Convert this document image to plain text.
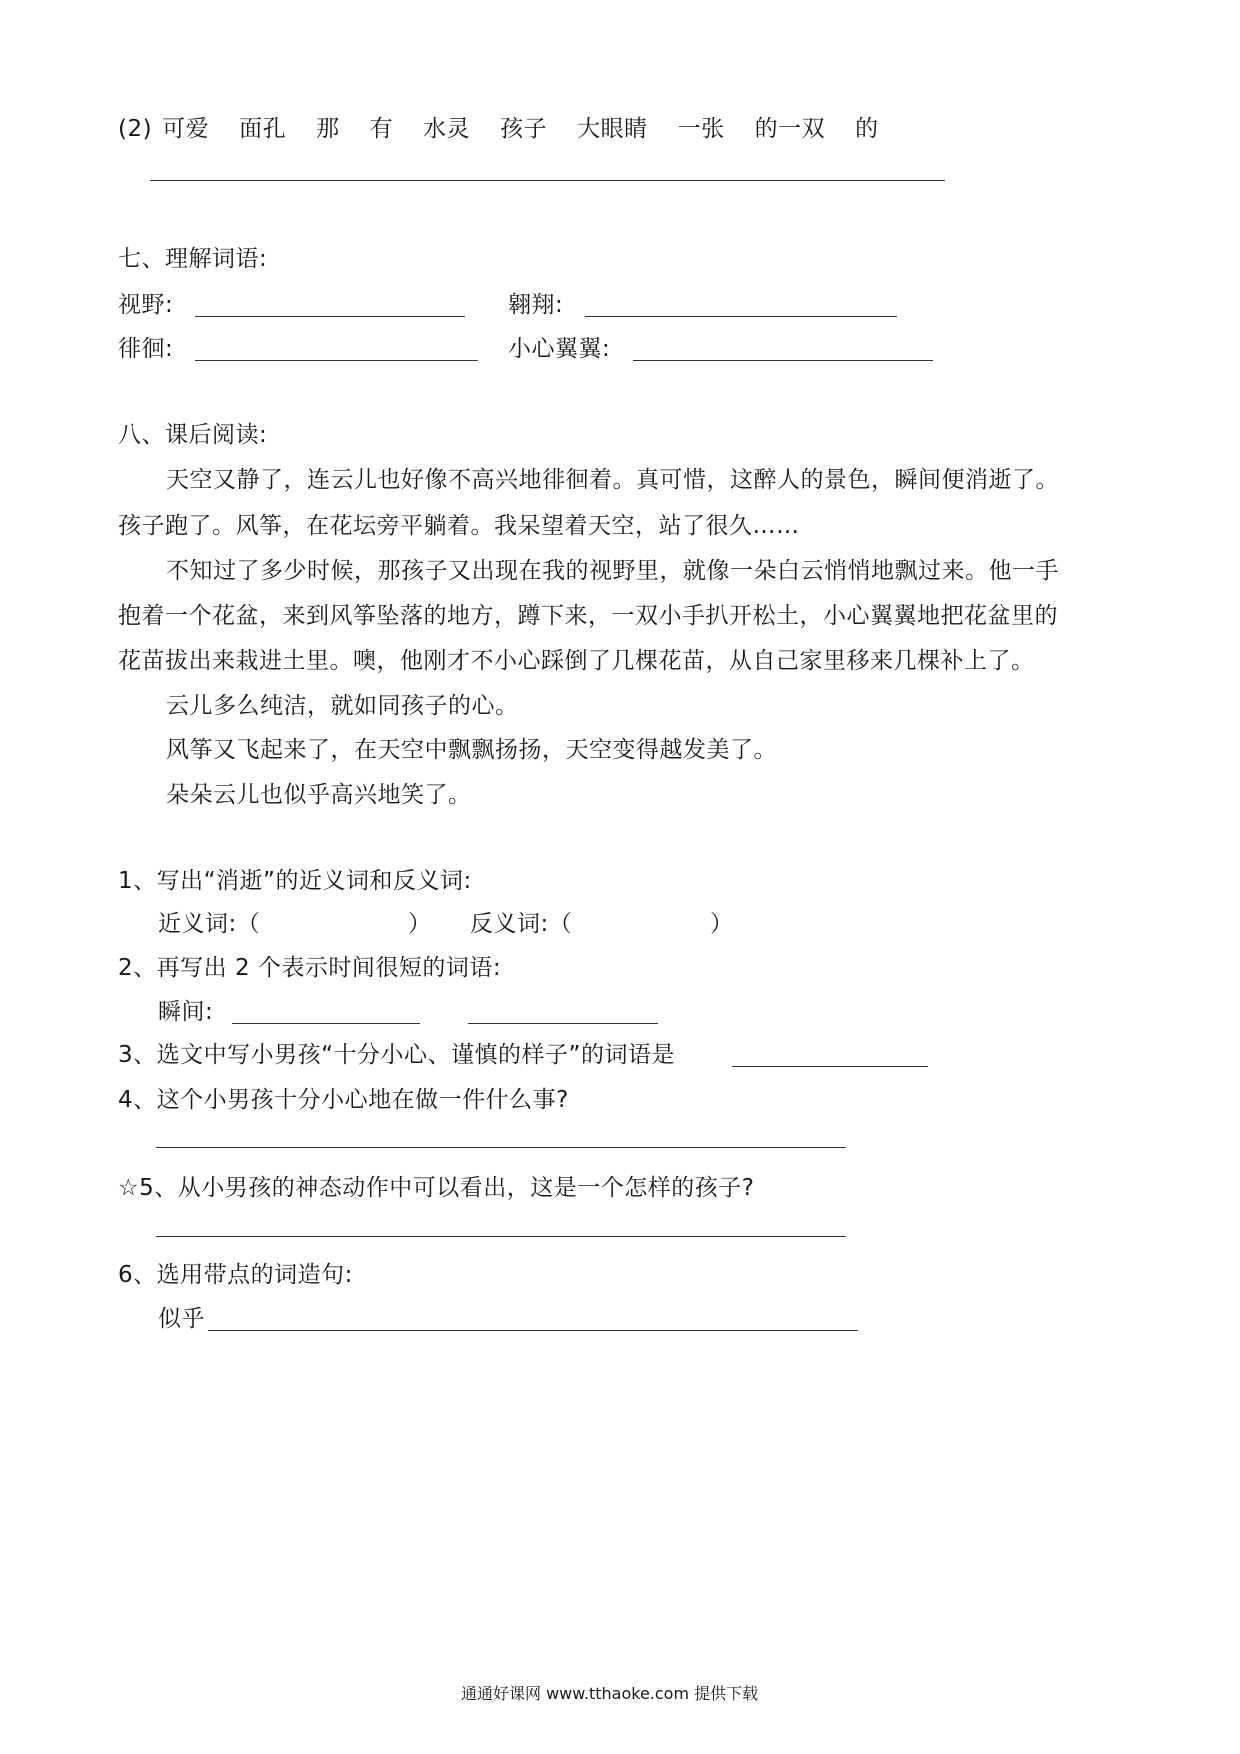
(2) 可爱 面孔 那 有 水灵 孩子 大眼睛 一张 的一双 的
七、理解词语:
视野:	翱翔:
徘徊:	小心翼翼:
八、课后阅读:
天空又静了，连云儿也好像不高兴地徘徊着。真可惜，这醉人的景色，瞬间便消逝了。
孩子跑了。风筝，在花坛旁平躺着。我呆望着天空，站了很久……
不知过了多少时候，那孩子又出现在我的视野里，就像一朵白云悄悄地飘过来。他一手
抱着一个花盆，来到风筝坠落的地方，蹲下来，一双小手扒开松土，小心翼翼地把花盆里的
花苗拔出来栽进土里。噢，他刚才不小心踩倒了几棵花苗，从自己家里移来几棵补上了。
云儿多么纯洁，就如同孩子的心。
风筝又飞起来了，在天空中飘飘扬扬，天空变得越发美了。
朵朵云儿也似乎高兴地笑了。
1、写出“消逝”的近义词和反义词:
近义词:（	） 反义词:（	）
2、再写出 2 个表示时间很短的词语:
瞬间:
3、选文中写小男孩“十分小心、谨慎的样子”的词语是
4、这个小男孩十分小心地在做一件什么事?
☆5、从小男孩的神态动作中可以看出，这是一个怎样的孩子?
6、选用带点的词造句:
似乎
通通好课网 www.tthaoke.com 提供下载
